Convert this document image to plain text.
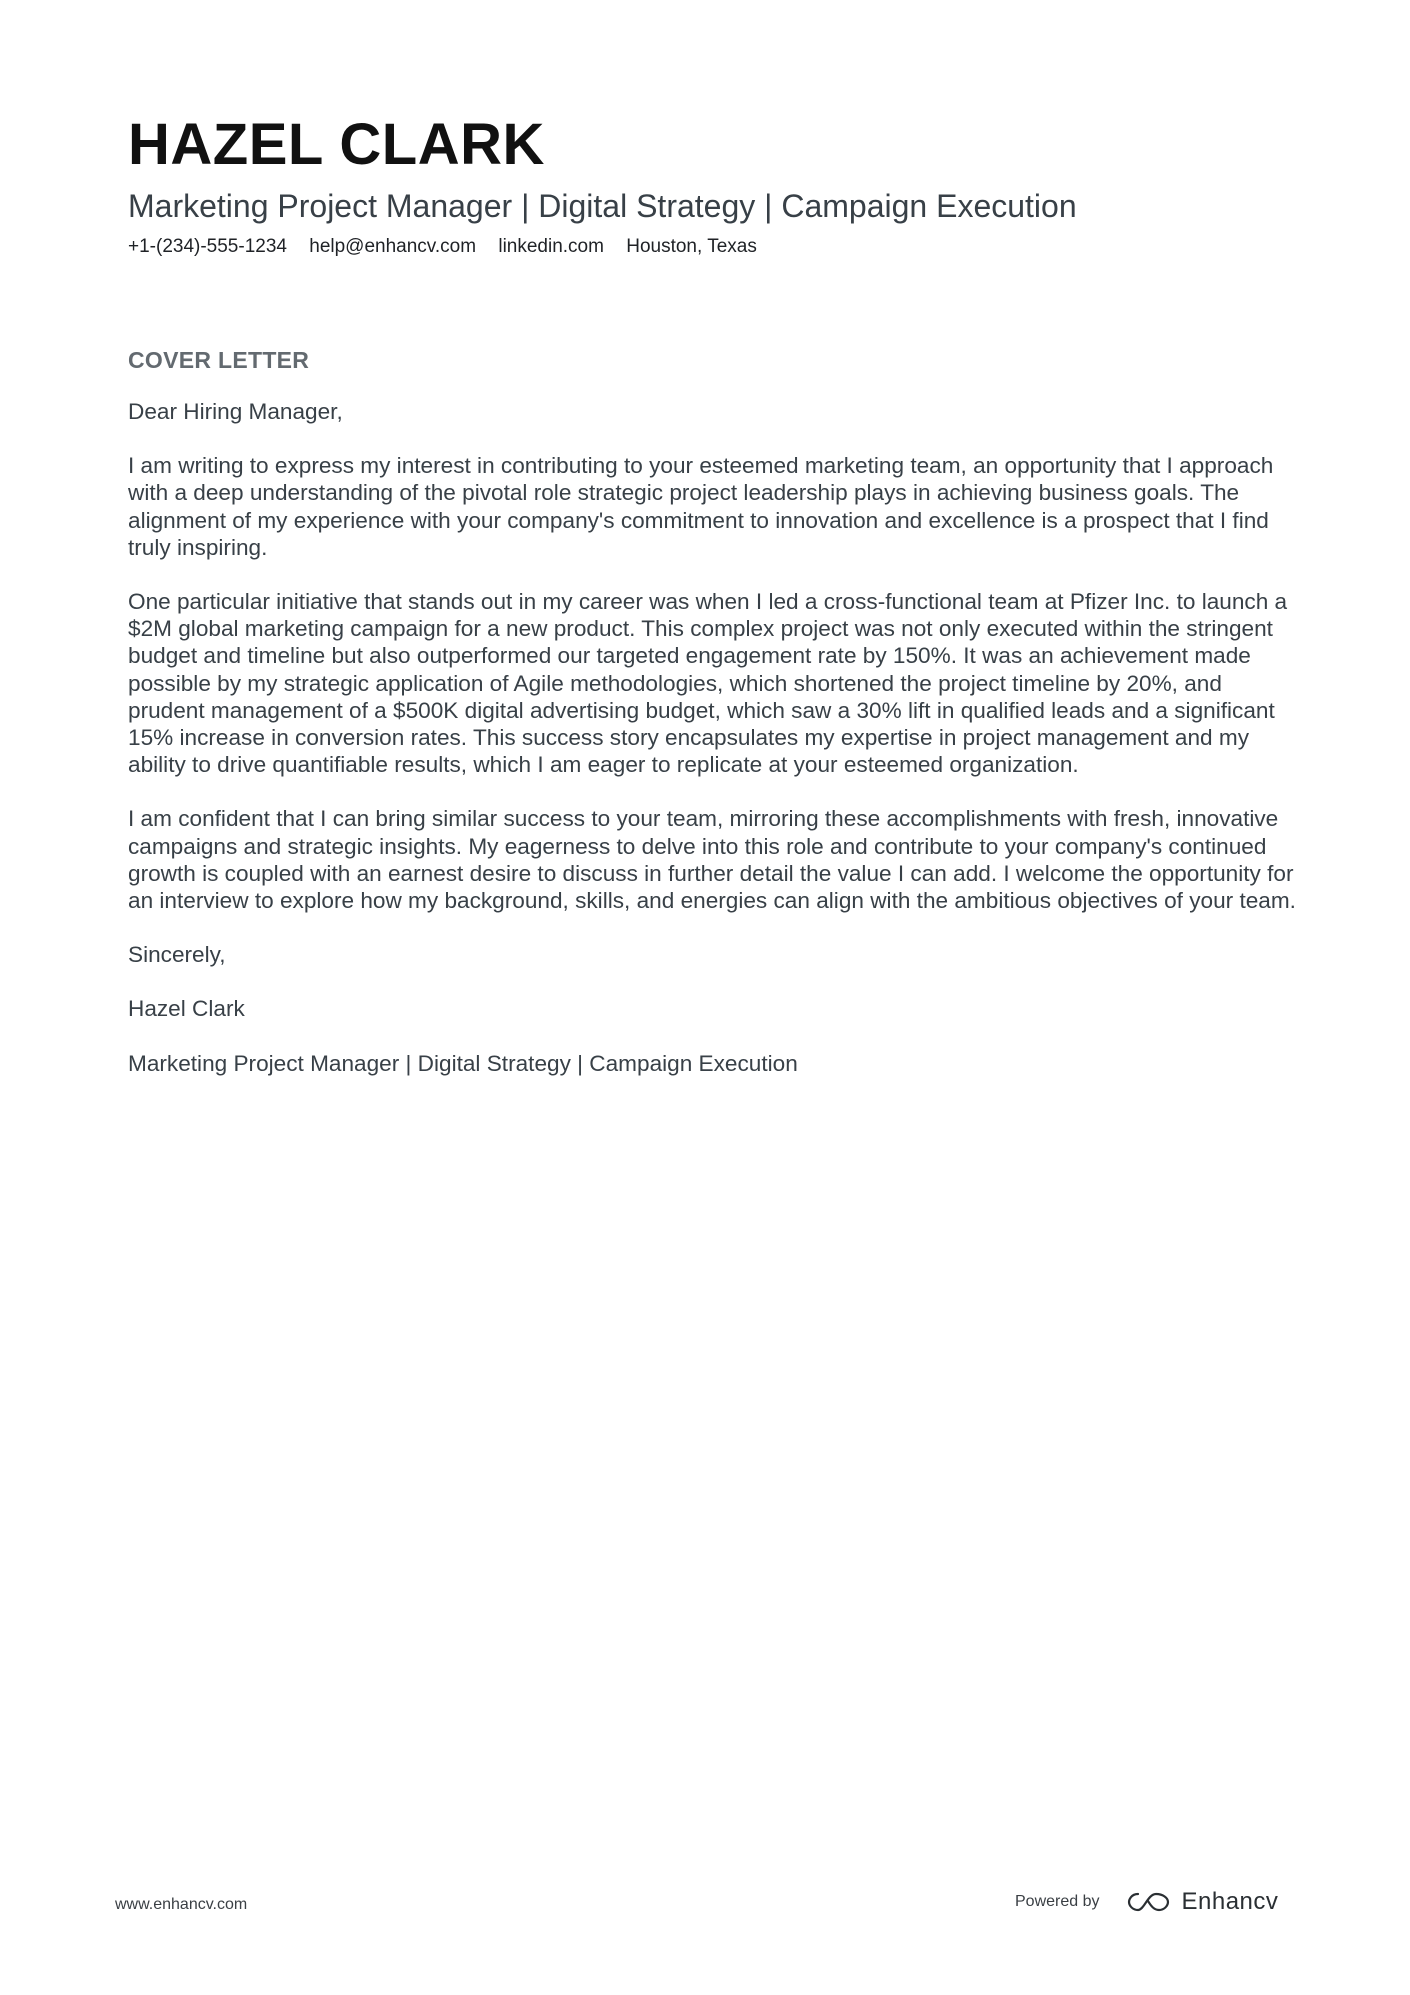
HAZEL CLARK
Marketing Project Manager | Digital Strategy | Campaign Execution
+1-(234)-555-1234 help@enhancv.com linkedin.com Houston, Texas
COVER LETTER

Dear Hiring Manager,

I am writing to express my interest in contributing to your esteemed marketing team, an opportunity that I approach with a deep understanding of the pivotal role strategic project leadership plays in achieving business goals. The alignment of my experience with your company's commitment to innovation and excellence is a prospect that I find truly inspiring.

One particular initiative that stands out in my career was when I led a cross-functional team at Pfizer Inc. to launch a $2M global marketing campaign for a new product. This complex project was not only executed within the stringent budget and timeline but also outperformed our targeted engagement rate by 150%. It was an achievement made possible by my strategic application of Agile methodologies, which shortened the project timeline by 20%, and prudent management of a $500K digital advertising budget, which saw a 30% lift in qualified leads and a significant 15% increase in conversion rates. This success story encapsulates my expertise in project management and my ability to drive quantifiable results, which I am eager to replicate at your esteemed organization.

I am confident that I can bring similar success to your team, mirroring these accomplishments with fresh, innovative campaigns and strategic insights. My eagerness to delve into this role and contribute to your company's continued growth is coupled with an earnest desire to discuss in further detail the value I can add. I welcome the opportunity for an interview to explore how my background, skills, and energies can align with the ambitious objectives of your team.

Sincerely,

Hazel Clark

Marketing Project Manager | Digital Strategy | Campaign Execution

www.enhancv.com	Powered by	Enhancv
